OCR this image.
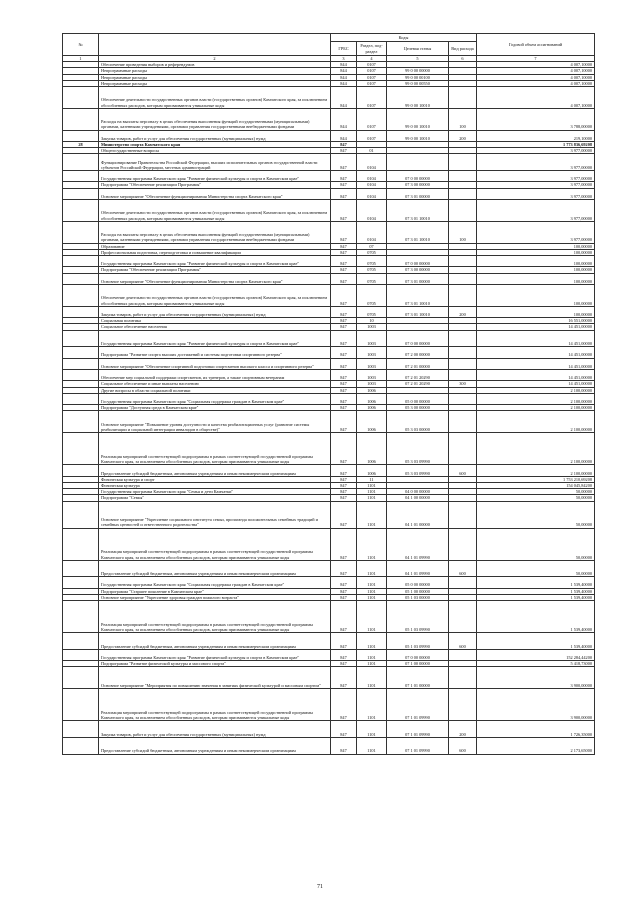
№		Коды				Годовой объем ассигнований
		ГРБС	Раздел, под-раздел	Целевая статья	Вид расхода	
1	2	3	4	5	6	7
	Обеспечение проведения выборов и референдумов	844	0107			4 007,10000
	Непрограммные расходы	844	0107	99 0 00 00000		4 007,10000
	Непрограммные расходы	844	0107	99 0 00 00100		4 007,10000
	Непрограммные расходы	844	0107	99 0 00 00550		4 007,10000
	Обеспечение деятельности государственных органов власти (государственных органов) Камчатского края, за исключением обособленных расходов, которым присваиваются уникальные коды	844	0107	99 0 00 10010		4 007,10000
	Расходы на выплаты персоналу в целях обеспечения выполнения функций государственными (муниципальными) органами, казенными учреждениями, органами управления государственными внебюджетными фондами	844	0107	99 0 00 10010	100	3 788,00000
	Закупка товаров, работ и услуг для обеспечения государственных (муниципальных) нужд	844	0107	99 0 00 10010	200	219,10000
28	Министерство спорта Камчатского края	847				1 773 836,69208
	Общегосударственные вопросы	847	01			3 977,00000
	Функционирование Правительства Российской Федерации, высших исполнительных органов государственной власти субъектов Российской Федерации, местных администраций	847	0104			3 977,00000
	Государственная программа Камчатского края "Развитие физической культуры и спорта в Камчатском крае"	847	0104	07 0 00 00000		3 977,00000
	Подпрограмма "Обеспечение реализации Программы"	847	0104	07 3 00 00000		3 977,00000
	Основное мероприятие "Обеспечение функционирования Министерства спорта Камчатского края"	847	0104	07 3 01 00000		3 977,00000
	Обеспечение деятельности государственных органов власти (государственных органов) Камчатского края, за исключением обособленных расходов, которым присваиваются уникальные коды	847	0104	07 3 01 10010		3 977,00000
	Расходы на выплаты персоналу в целях обеспечения выполнения функций государственными (муниципальными) органами, казенными учреждениями, органами управления государственными внебюджетными фондами	847	0104	07 3 01 10010	100	3 977,00000
	Образование	847	07			100,00000
	Профессиональная подготовка, переподготовка и повышение квалификации	847	0705			100,00000
	Государственная программа Камчатского края "Развитие физической культуры и спорта в Камчатском крае"	847	0705	07 0 00 00000		100,00000
	Подпрограмма "Обеспечение реализации Программы"	847	0705	07 3 00 00000		100,00000
	Основное мероприятие "Обеспечение функционирования Министерства спорта Камчатского края"	847	0705	07 3 01 00000		100,00000
	Обеспечение деятельности государственных органов власти (государственных органов) Камчатского края, за исключением обособленных расходов, которым присваиваются уникальные коды	847	0705	07 3 01 10010		100,00000
	Закупка товаров, работ и услуг для обеспечения государственных (муниципальных) нужд	847	0705	07 3 01 10010	200	100,00000
	Социальная политика	847	10			16 551,00000
	Социальное обеспечение населения	847	1003			14 451,00000
	Государственная программа Камчатского края "Развитие физической культуры и спорта в Камчатском крае"	847	1003	07 0 00 00000		14 451,00000
	Подпрограмма "Развитие спорта высших достижений и системы подготовки спортивного резерва"	847	1003	07 2 00 00000		14 451,00000
	Основное мероприятие "Обеспечение спортивной подготовки спортсменов высокого класса и спортивного резерва"	847	1003	07 2 01 00000		14 451,00000
	Обеспечение мер социальной поддержки спортсменов, их тренеров, а также спортивным ветеранам	847	1003	07 2 01 20290		14 451,00000
	Социальное обеспечение и иные выплаты населению	847	1003	07 2 01 20290	300	14 451,00000
	Другие вопросы в области социальной политики	847	1006			2 100,00000
	Государственная программа Камчатского края "Социальная поддержка граждан в Камчатском крае"	847	1006	05 0 00 00000		2 100,00000
	Подпрограмма "Доступная среда в Камчатском крае"	847	1006	05 3 00 00000		2 100,00000
	Основное мероприятие "Повышение уровня доступности и качества реабилитационных услуг (развитие системы реабилитации и социальной интеграции инвалидов в обществе)"	847	1006	05 3 03 00000		2 100,00000
	Реализация мероприятий соответствующей подпрограммы в рамках соответствующей государственной программы Камчатского края, за исключением обособленных расходов, которым присваиваются уникальные коды	847	1006	05 3 03 09990		2 100,00000
	Предоставление субсидий бюджетным, автономным учреждениям и иным некоммерческим организациям	847	1006	05 3 03 09990	600	2 100,00000
	Физическая культура и спорт	847	11			1 753 210,69208
	Физическая культура	847	1101			154 045,84200
	Государственная программа Камчатского края "Семья и дети Камчатки"	847	1101	04 0 00 00000		50,00000
	Подпрограмма "Семья"	847	1101	04 1 00 00000		50,00000
	Основное мероприятие "Укрепление социального института семьи, пропаганда положительных семейных традиций и семейных ценностей и ответственного родительства"	847	1101	04 1 01 00000		50,00000
	Реализация мероприятий соответствующей подпрограммы в рамках соответствующей государственной программы Камчатского края, за исключением обособленных расходов, которым присваиваются уникальные коды	847	1101	04 1 01 09990		50,00000
	Предоставление субсидий бюджетным, автономным учреждениям и иным некоммерческим организациям	847	1101	04 1 01 09990	600	50,00000
	Государственная программа Камчатского края "Социальная поддержка граждан в Камчатском крае"	847	1101	05 0 00 00000		1 539,40000
	Подпрограмма "Старшее поколение в Камчатском крае"	847	1101	05 1 00 00000		1 539,40000
	Основное мероприятие "Укрепление здоровья граждан пожилого возраста"	847	1101	05 1 03 00000		1 539,40000
	Реализация мероприятий соответствующей подпрограммы в рамках соответствующей государственной программы Камчатского края, за исключением обособленных расходов, которым присваиваются уникальные коды	847	1101	05 1 03 09990		1 539,40000
	Предоставление субсидий бюджетным, автономным учреждениям и иным некоммерческим организациям	847	1101	05 1 03 09990	600	1 539,40000
	Государственная программа Камчатского края "Развитие физической культуры и спорта в Камчатском крае"	847	1101	07 0 00 00000		152 284,44200
	Подпрограмма "Развитие физической культуры и массового спорта"	847	1101	07 1 00 00000		5 418,73000
	Основное мероприятие "Мероприятия по повышению значения в занятиях физической культурой и массовым спортом"	847	1101	07 1 01 00000		3 900,00000
	Реализация мероприятий соответствующей подпрограммы в рамках соответствующей государственной программы Камчатского края, за исключением обособленных расходов, которым присваиваются уникальные коды	847	1101	07 1 01 09990		3 900,00000
	Закупка товаров, работ и услуг для обеспечения государственных (муниципальных) нужд	847	1101	07 1 01 09990	200	1 726,35000
	Предоставление субсидий бюджетным, автономным учреждениям и иным некоммерческим организациям	847	1101	07 1 01 09990	600	2 173,65000
71
